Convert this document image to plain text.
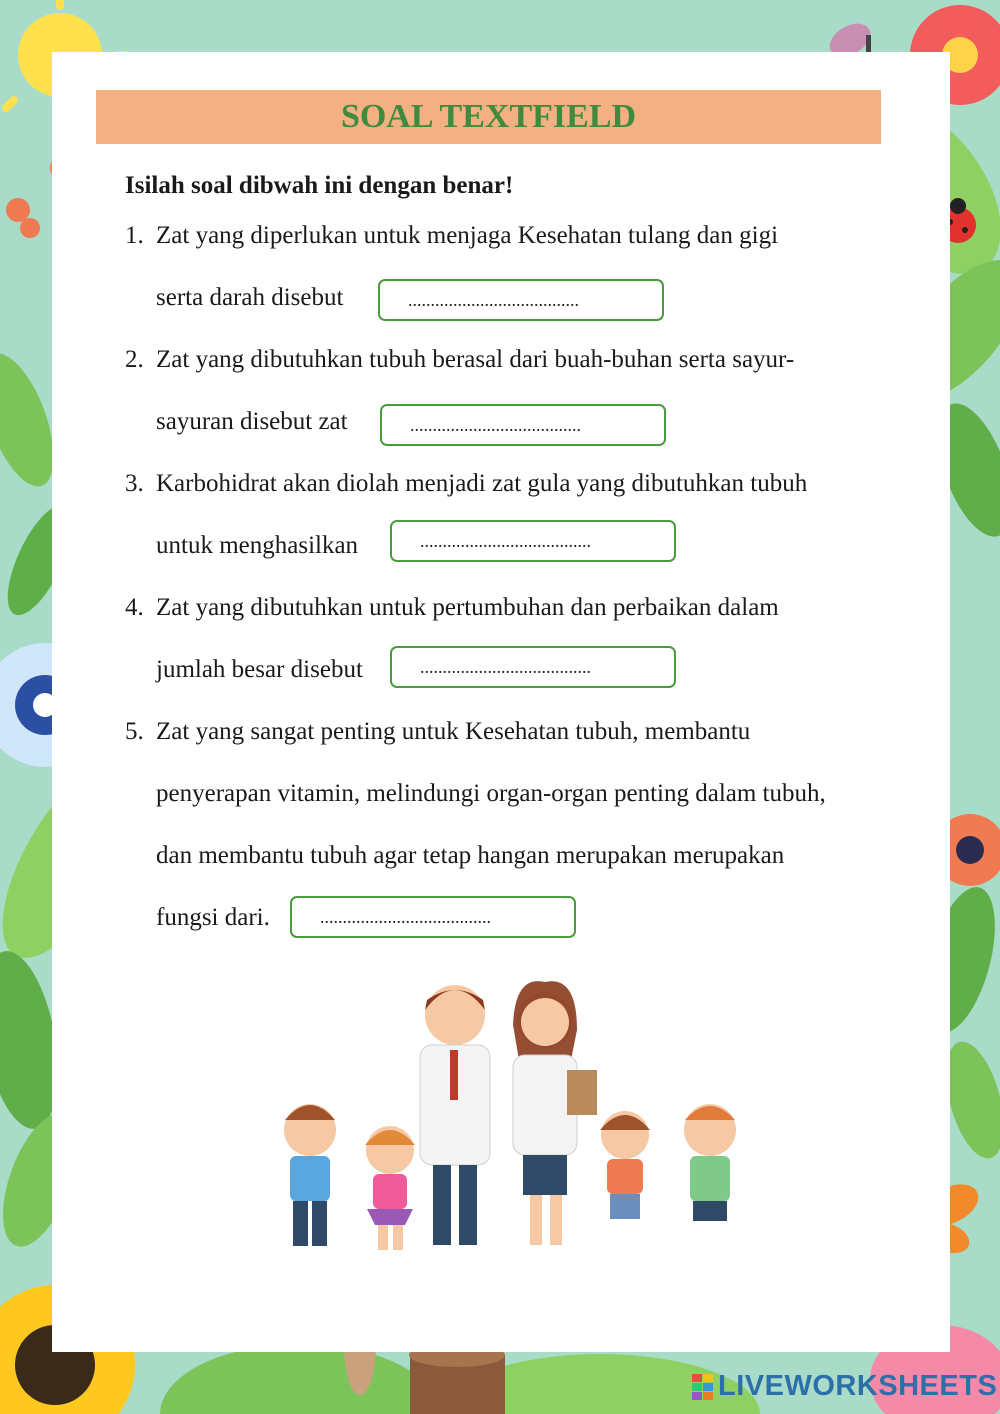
SOAL TEXTFIELD
Isilah soal dibwah ini dengan benar!
1. Zat yang diperlukan untuk menjaga Kesehatan tulang dan gigi
serta darah disebut
......................................
2. Zat yang dibutuhkan tubuh berasal dari buah-buhan serta sayur-
sayuran disebut zat
......................................
3. Karbohidrat akan diolah menjadi zat gula yang dibutuhkan tubuh
untuk menghasilkan
......................................
4. Zat yang dibutuhkan untuk pertumbuhan dan perbaikan dalam
jumlah besar disebut
......................................
5. Zat yang sangat penting untuk Kesehatan tubuh, membantu
penyerapan vitamin, melindungi organ-organ penting dalam tubuh,
dan membantu tubuh agar tetap hangan merupakan merupakan
fungsi dari.
......................................
LIVEWORKSHEETS
